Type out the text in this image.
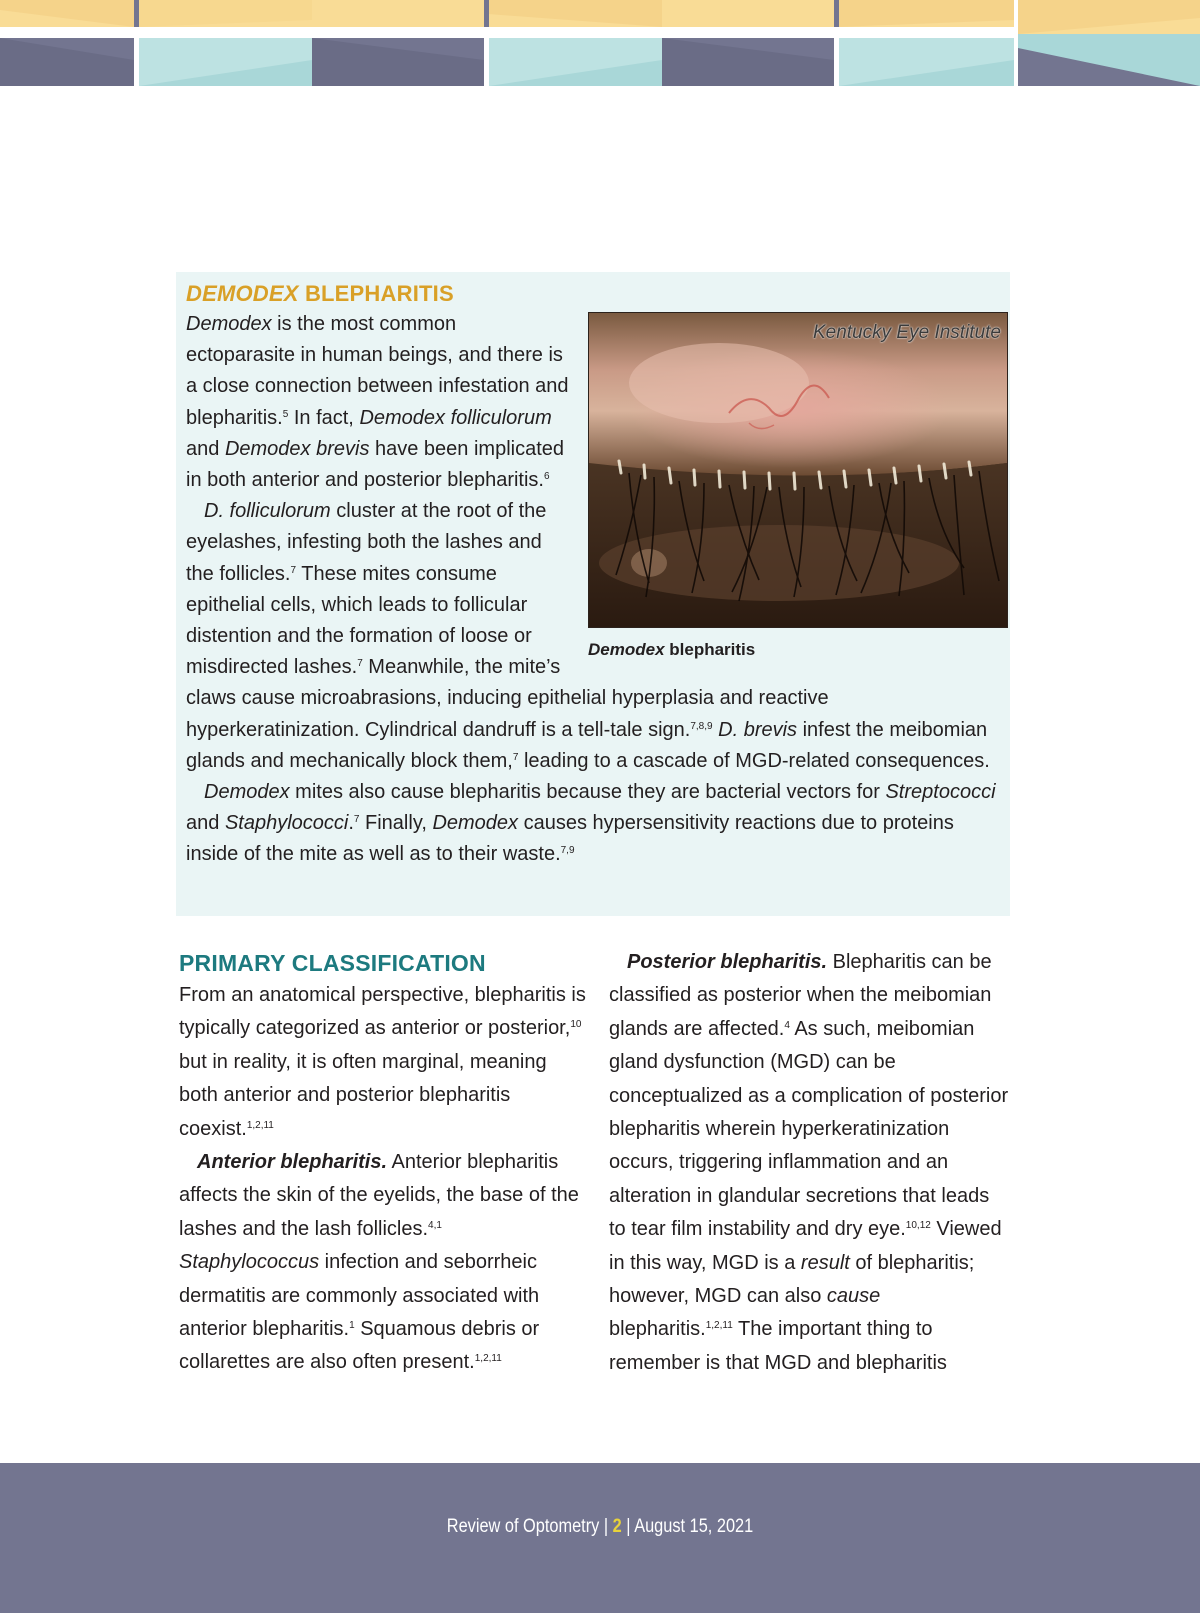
DEMODEX BLEPHARITIS
Kentucky Eye Institute
Demodex blepharitis

Demodex is the most common ectoparasite in human beings, and there is a close connection between infestation and blepharitis.$^5$ In fact, Demodex folliculorum and Demodex brevis have been implicated in both anterior and posterior blepharitis.$^6$

D. folliculorum cluster at the root of the eyelashes, infesting both the lashes and the follicles.$^7$ These mites consume epithelial cells, which leads to follicular distention and the formation of loose or misdirected lashes.$^7$ Meanwhile, the mite’s claws cause microabrasions, inducing epithelial hyperplasia and reactive hyperkeratinization. Cylindrical dandruff is a tell-tale sign.$^{7,8,9}$ D. brevis infest the meibomian glands and mechanically block them,$^7$ leading to a cascade of MGD-related consequences.

Demodex mites also cause blepharitis because they are bacterial vectors for Streptococci and Staphylococci.$^7$ Finally, Demodex causes hypersensitivity reactions due to proteins inside of the mite as well as to their waste.$^{7,9}$

PRIMARY CLASSIFICATION

From an anatomical perspective, blepharitis is typically categorized as anterior or posterior,$^{10}$ but in reality, it is often marginal, meaning both anterior and posterior blepharitis coexist.$^{1,2,11}$

Anterior blepharitis. Anterior blepharitis affects the skin of the eyelids, the base of the lashes and the lash follicles.$^{4,1}$ Staphylococcus infection and seborrheic dermatitis are commonly associated with anterior blepharitis.$^1$ Squamous debris or collarettes are also often present.$^{1,2,11}$

Posterior blepharitis. Blepharitis can be classified as posterior when the meibomian glands are affected.$^4$ As such, meibomian gland dysfunction (MGD) can be conceptualized as a complication of posterior blepharitis wherein hyperkeratinization occurs, triggering inflammation and an alteration in glandular secretions that leads to tear film instability and dry eye.$^{10,12}$ Viewed in this way, MGD is a result of blepharitis; however, MGD can also cause blepharitis.$^{1,2,11}$ The important thing to remember is that MGD and blepharitis

Review of Optometry | 2 | August 15, 2021
